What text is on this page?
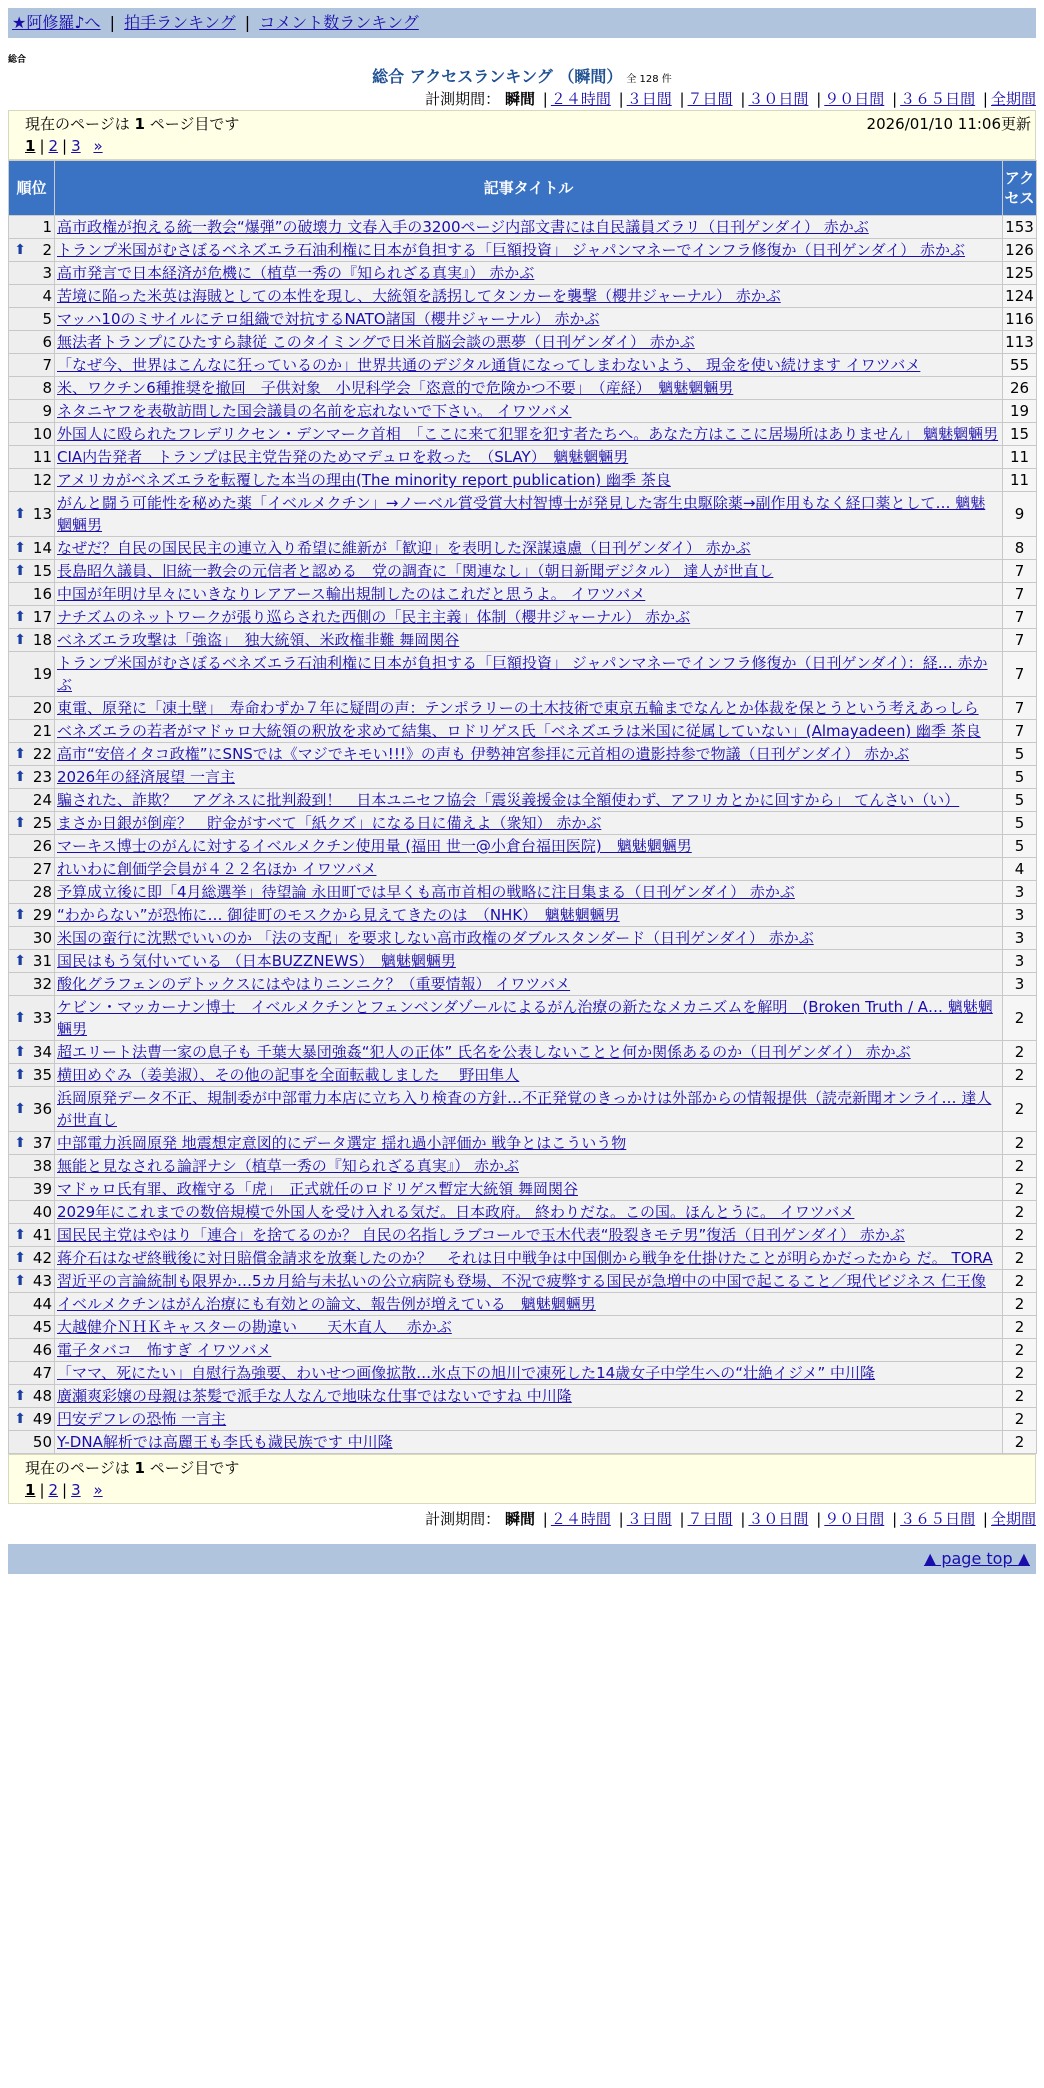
★阿修羅♪へ | 拍手ランキング | コメント数ランキング
総合
総合 アクセスランキング （瞬間） 全 128 件
計測期間： 瞬間 | ２４時間 | ３日間 | ７日間 | ３０日間 | ９０日間 | ３６５日間 | 全期間
現在のページは 1 ページ目です	2026/01/10 11:06更新
1 | 2 | 3 »
順位	記事タイトル	アクセス
1	高市政権が抱える統一教会“爆弾”の破壊力 文春入手の3200ページ内部文書には自民議員ズラリ（日刊ゲンダイ） 赤かぶ	153

⬆ 2	トランプ米国がむさぼるベネズエラ石油利権に日本が負担する「巨額投資」 ジャパンマネーでインフラ修復か（日刊ゲンダイ） 赤かぶ	126
3	高市発言で日本経済が危機に（植草一秀の『知られざる真実』） 赤かぶ	125
4	苦境に陥った米英は海賊としての本性を現し、大統領を誘拐してタンカーを襲撃（櫻井ジャーナル） 赤かぶ	124
5	マッハ10のミサイルにテロ組織で対抗するNATO諸国（櫻井ジャーナル） 赤かぶ	116
6	無法者トランプにひたすら隷従 このタイミングで日米首脳会談の悪夢（日刊ゲンダイ） 赤かぶ	113
7	「なぜ今、世界はこんなに狂っているのか」世界共通のデジタル通貨になってしまわないよう、 現金を使い続けます イワツバメ	55
8	米、ワクチン6種推奨を撤回　子供対象　小児科学会「恣意的で危険かつ不要」　（産経）　魑魅魍魎男	26
9	ネタニヤフを表敬訪問した国会議員の名前を忘れないで下さい。 イワツバメ	19
10	外国人に殴られたフレデリクセン・デンマーク首相　「ここに来て犯罪を犯す者たちへ。あなた方はここに居場所はありません」 魑魅魍魎男	15
11	CIA内告発者　トランプは民主党告発のためマデュロを救った　（SLAY）　魑魅魍魎男	11
12	アメリカがベネズエラを転覆した本当の理由(The minority report publication) 幽季 茶良	11

⬆ 13	がんと闘う可能性を秘めた薬「イベルメクチン」→ノーベル賞受賞大村智博士が発見した寄生虫駆除薬→副作用もなく経口薬として… 魑魅魍魎男	9

⬆ 14	なぜだ？自民の国民民主の連立入り希望に維新が「歓迎」を表明した深謀遠慮（日刊ゲンダイ） 赤かぶ	8

⬆ 15	長島昭久議員、旧統一教会の元信者と認める　党の調査に「関連なし」（朝日新聞デジタル） 達人が世直し	7
16	中国が年明け早々にいきなりレアアース輸出規制したのはこれだと思うよ。 イワツバメ	7

⬆ 17	ナチズムのネットワークが張り巡らされた西側の「民主主義」体制（櫻井ジャーナル） 赤かぶ	7

⬆ 18	ベネズエラ攻撃は「強盗」　独大統領、米政権非難 舞岡関谷	7
19	トランプ米国がむさぼるベネズエラ石油利権に日本が負担する「巨額投資」 ジャパンマネーでインフラ修復か（日刊ゲンダイ）：経… 赤かぶ	7
20	東電、原発に「凍土壁」　寿命わずか７年に疑問の声：テンポラリーの土木技術で東京五輪までなんとか体裁を保とうという考えあっしら	7
21	ベネズエラの若者がマドゥロ大統領の釈放を求めて結集、ロドリゲス氏「ベネズエラは米国に従属していない」(Almayadeen) 幽季 茶良	7

⬆ 22	高市“安倍イタコ政権”にSNSでは《マジでキモい!!!》の声も 伊勢神宮参拝に元首相の遺影持参で物議（日刊ゲンダイ） 赤かぶ	5

⬆ 23	2026年の経済展望 一言主	5
24	騙された、詐欺？　アグネスに批判殺到！　日本ユニセフ協会「震災義援金は全額使わず、アフリカとかに回すから」 てんさい（い）	5

⬆ 25	まさか日銀が倒産？　貯金がすべて「紙クズ」になる日に備えよ（衆知） 赤かぶ	5
26	マーキス博士のがんに対するイベルメクチン使用量 (福田 世一@小倉台福田医院)　魑魅魍魎男	5
27	れいわに創価学会員が４２２名ほか イワツバメ	4
28	予算成立後に即「4月総選挙」待望論 永田町では早くも高市首相の戦略に注目集まる（日刊ゲンダイ） 赤かぶ	3

⬆ 29	“わからない”が恐怖に… 御徒町のモスクから見えてきたのは　（NHK）　魑魅魍魎男	3
30	米国の蛮行に沈黙でいいのか 「法の支配」を要求しない高市政権のダブルスタンダード（日刊ゲンダイ） 赤かぶ	3

⬆ 31	国民はもう気付いている （日本BUZZNEWS）　魑魅魍魎男	3
32	酸化グラフェンのデトックスにはやはりニンニク？（重要情報） イワツバメ	3

⬆ 33	ケビン・マッカーナン博士　イベルメクチンとフェンベンダゾールによるがん治療の新たなメカニズムを解明　(Broken Truth / A… 魑魅魍魎男	2

⬆ 34	超エリート法曹一家の息子も 千葉大暴団強姦“犯人の正体” 氏名を公表しないことと何か関係あるのか（日刊ゲンダイ） 赤かぶ	2

⬆ 35	横田めぐみ（姜美淑）、その他の記事を全面転載しました　 野田隼人	2

⬆ 36	浜岡原発データ不正、規制委が中部電力本店に立ち入り検査の方針…不正発覚のきっかけは外部からの情報提供（読売新聞オンライ… 達人が世直し	2

⬆ 37	中部電力浜岡原発 地震想定意図的にデータ選定 揺れ過小評価か 戦争とはこういう物	2
38	無能と見なされる論評ナシ（植草一秀の『知られざる真実』） 赤かぶ	2
39	マドゥロ氏有罪、政権守る「虎」　正式就任のロドリゲス暫定大統領 舞岡関谷	2
40	2029年にこれまでの数倍規模で外国人を受け入れる気だ。日本政府。 終わりだな。この国。ほんとうに。 イワツバメ	2

⬆ 41	国民民主党はやはり「連合」を捨てるのか？ 自民の名指しラブコールで玉木代表“股裂きモテ男”復活（日刊ゲンダイ） 赤かぶ	2

⬆ 42	蒋介石はなぜ終戦後に対日賠償金請求を放棄したのか？　それは日中戦争は中国側から戦争を仕掛けたことが明らかだったから だ。 TORA	2

⬆ 43	習近平の言論統制も限界か…5カ月給与未払いの公立病院も登場、不況で疲弊する国民が急増中の中国で起こること／現代ビジネス 仁王像	2
44	イベルメクチンはがん治療にも有効との論文、報告例が増えている　魑魅魍魎男	2
45	大越健介ＮＨＫキャスターの勘違い　　天木直人　 赤かぶ	2
46	電子タバコ　怖すぎ イワツバメ	2
47	「ママ、死にたい」自慰行為強要、わいせつ画像拡散…氷点下の旭川で凍死した14歳女子中学生への“壮絶イジメ” 中川隆	2

⬆ 48	廣瀬爽彩嬢の母親は茶髪で派手な人なんで地味な仕事ではないですね 中川隆	2

⬆ 49	円安デフレの恐怖 一言主	2
50	Y-DNA解析では高麗王も李氏も濊民族です 中川隆	2
現在のページは 1 ページ目です
1 | 2 | 3 »
計測期間： 瞬間 | ２４時間 | ３日間 | ７日間 | ３０日間 | ９０日間 | ３６５日間 | 全期間
▲ page top ▲
